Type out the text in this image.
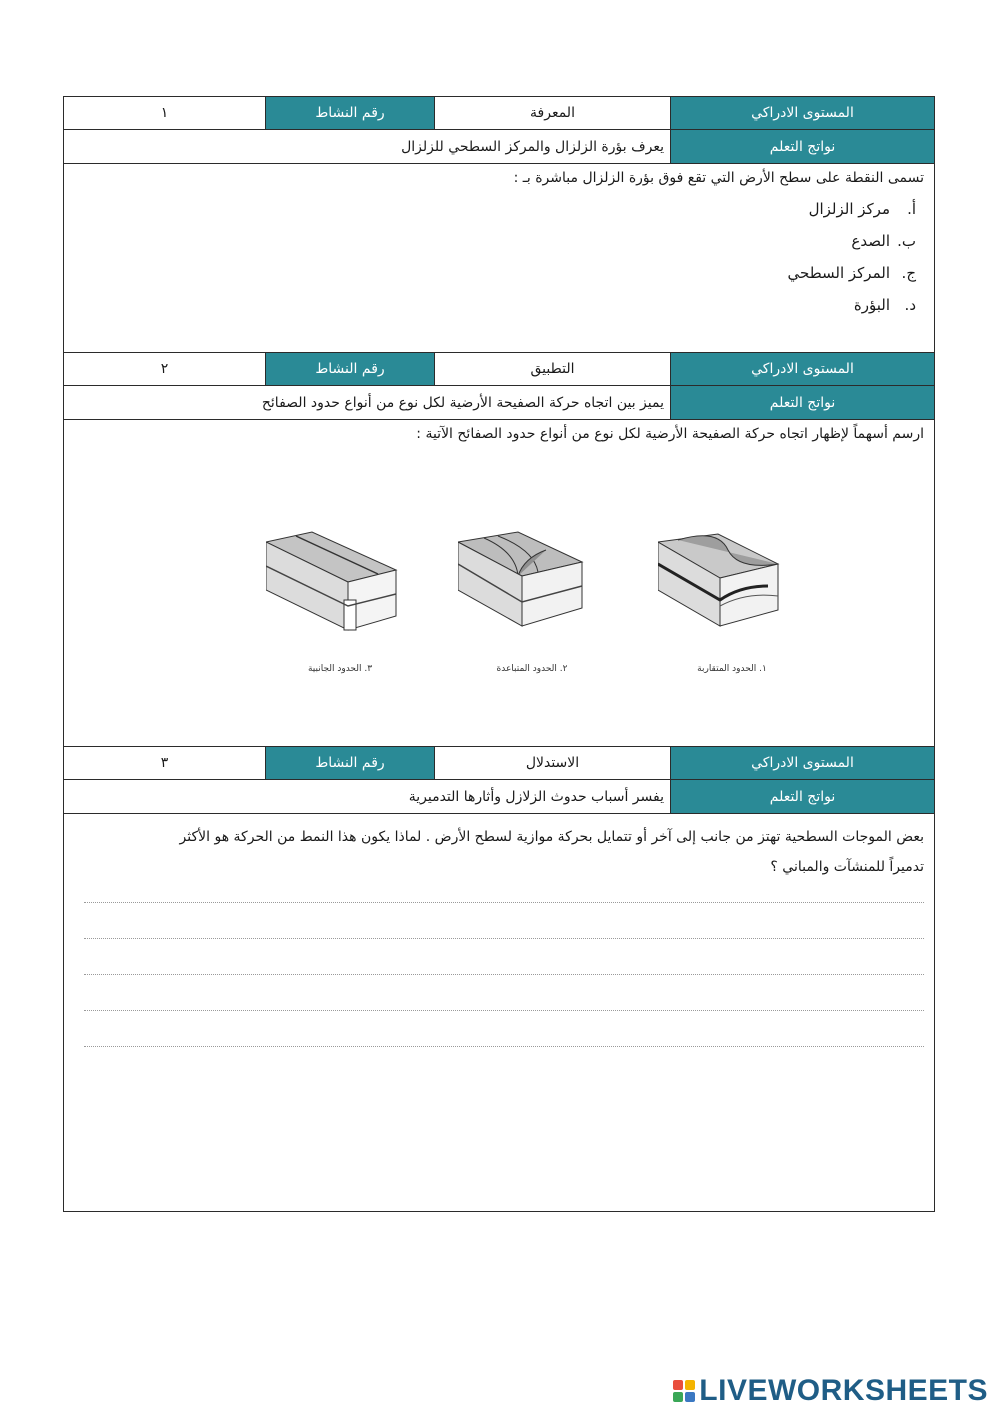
المستوى الادراكي
المعرفة
رقم النشاط
١
نواتج التعلم
يعرف بؤرة الزلزال والمركز السطحي للزلزال
تسمى النقطة على سطح الأرض التي تقع فوق بؤرة الزلزال مباشرة بـ :
أ.
مركز الزلزال
ب.
الصدع
ج.
المركز السطحي
د.
البؤرة
المستوى الادراكي
التطبيق
رقم النشاط
٢
نواتج التعلم
يميز بين اتجاه حركة الصفيحة الأرضية لكل نوع من أنواع حدود الصفائح
ارسم أسهماً لإظهار اتجاه حركة الصفيحة الأرضية لكل نوع من أنواع حدود الصفائح الآتية :
١. الحدود المتقاربة
٢. الحدود المتباعدة
٣. الحدود الجانبية
المستوى الادراكي
الاستدلال
رقم النشاط
٣
نواتج التعلم
يفسر أسباب حدوث الزلازل وأثارها التدميرية
بعض الموجات السطحية تهتز من جانب إلى آخر أو تتمايل بحركة موازية لسطح الأرض . لماذا يكون هذا النمط من الحركة هو الأكثر
تدميراً للمنشآت والمباني ؟
LIVEWORKSHEETS
